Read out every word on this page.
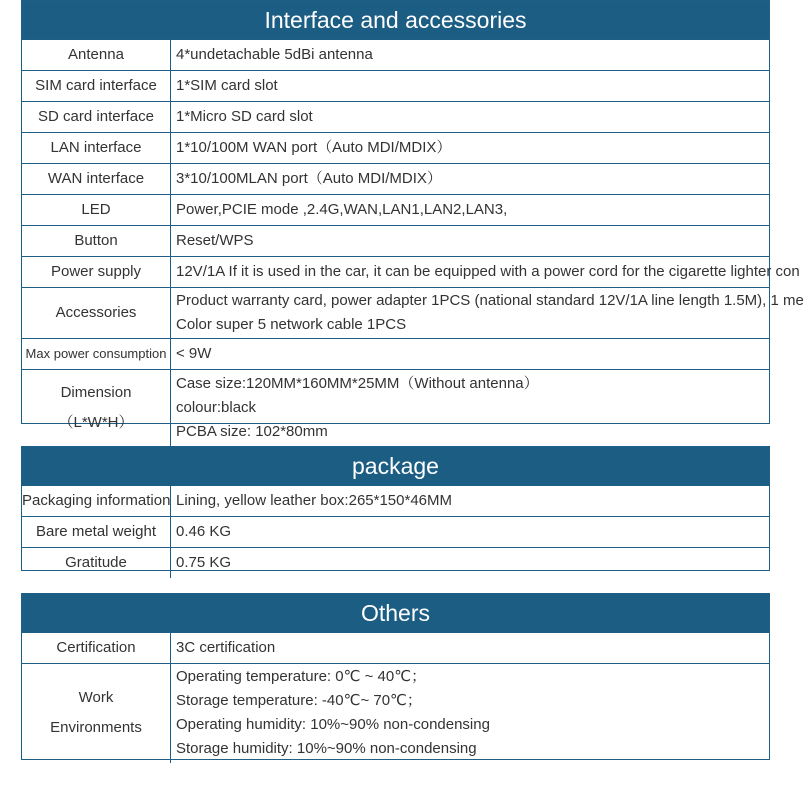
Interface and accessories
Antenna	4*undetachable 5dBi antenna

SIM card interface	1*SIM card slot

SD card interface	1*Micro SD card slot

LAN interface	1*10/100M WAN port（Auto MDI/MDIX）

WAN interface	3*10/100MLAN port（Auto MDI/MDIX）

LED	Power,PCIE mode ,2.4G,WAN,LAN1,LAN2,LAN3,

Button	Reset/WPS

Power supply	12V/1A If it is used in the car, it can be equipped with a power cord for the cigarette lighter con

Accessories	Product warranty card, power adapter 1PCS (national standard 12V/1A line length 1.5M), 1 me
Color super 5 network cable 1PCS

Max power consumption	< 9W

Dimension
（L*W*H）	Case size:120MM*160MM*25MM（Without antenna）
colour:black
PCBA size: 102*80mm
package
Packaging information	Lining, yellow leather box:265*150*46MM

Bare metal weight	0.46 KG

Gratitude	0.75 KG
Others
Certification	3C certification

Work
Environments	Operating temperature: 0℃ ~ 40℃；
Storage temperature: -40℃~ 70℃；
Operating humidity: 10%~90% non-condensing
Storage humidity: 10%~90% non-condensing
